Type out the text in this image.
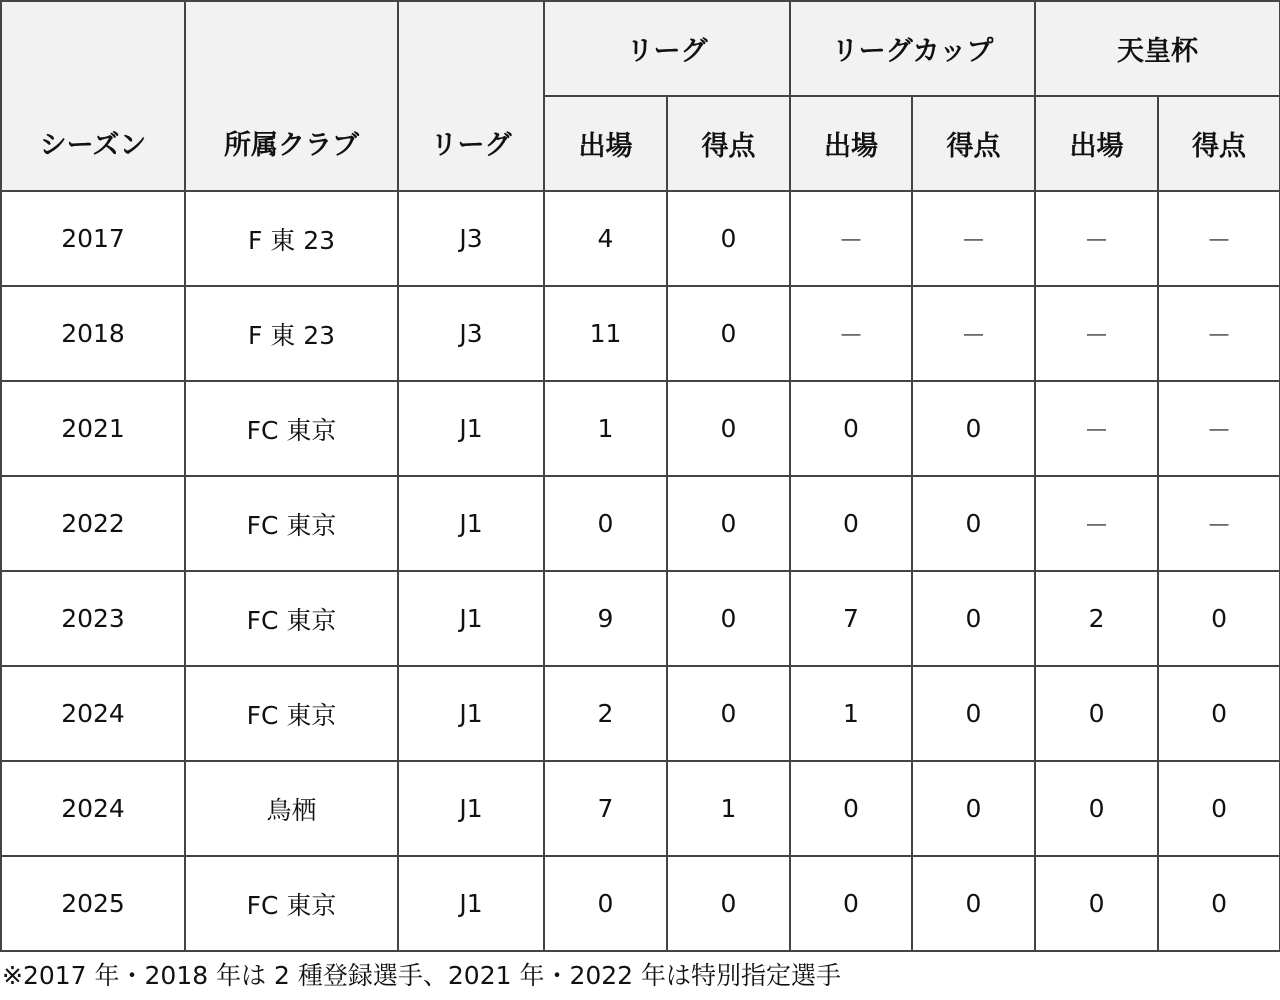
シーズン	所属クラブ	リーグ	リーグ		リーグカップ		天皇杯	
			出場	得点	出場	得点	出場	得点
2017	F 東 23	J3	4	0	－	－	－	－
2018	F 東 23	J3	11	0	－	－	－	－
2021	FC 東京	J1	1	0	0	0	－	－
2022	FC 東京	J1	0	0	0	0	－	－
2023	FC 東京	J1	9	0	7	0	2	0
2024	FC 東京	J1	2	0	1	0	0	0
2024	鳥栖	J1	7	1	0	0	0	0
2025	FC 東京	J1	0	0	0	0	0	0
※2017 年・2018 年は 2 種登録選手、2021 年・2022 年は特別指定選手
